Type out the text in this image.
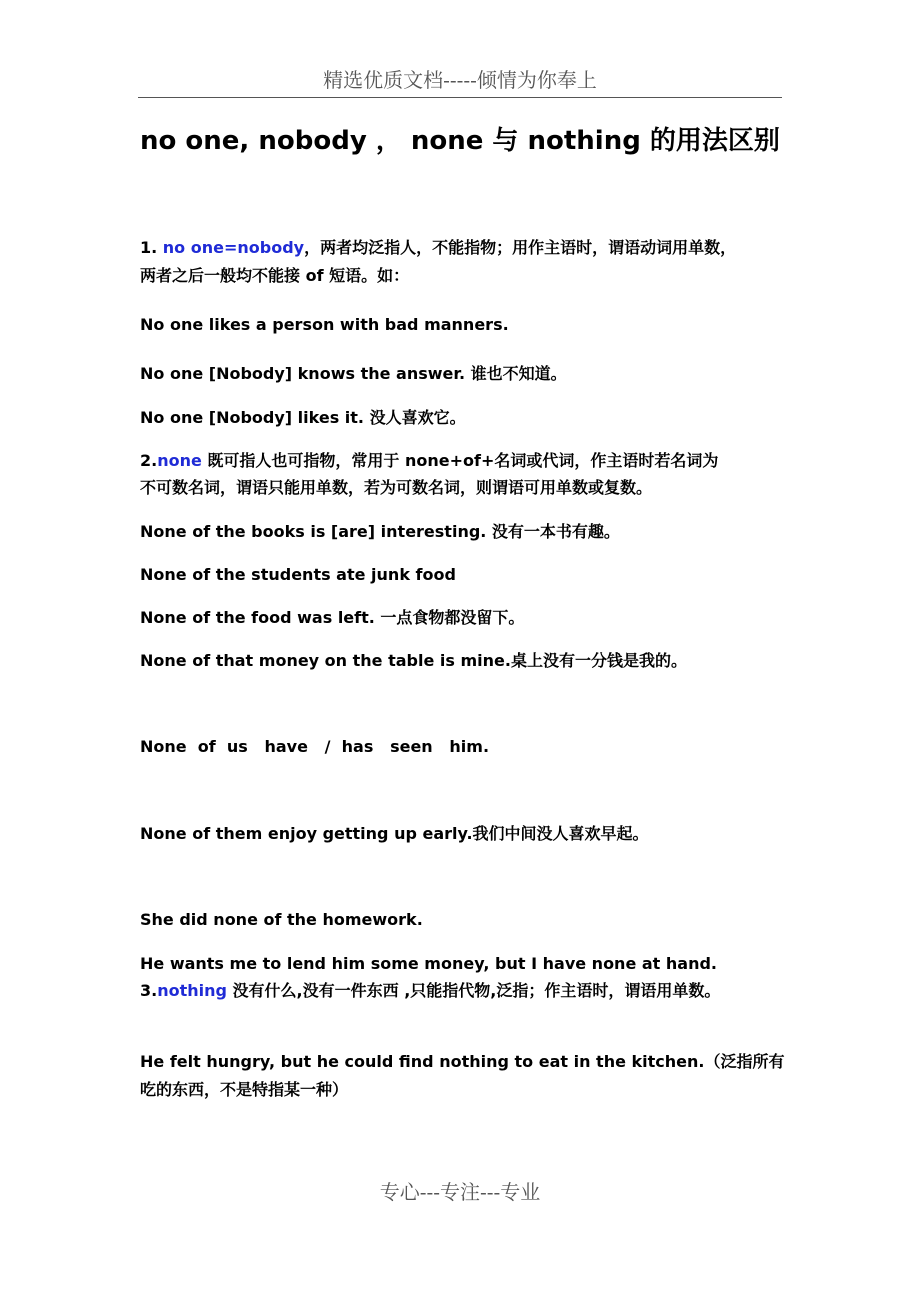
精选优质文档-----倾情为你奉上
no one, nobody ， none 与 nothing 的用法区别
1. no one=nobody，两者均泛指人，不能指物；用作主语时，谓语动词用单数，
两者之后一般均不能接 of 短语。如：
No one likes a person with bad manners.
No one [Nobody] knows the answer. 谁也不知道。
No one [Nobody] likes it. 没人喜欢它。
2.none 既可指人也可指物，常用于 none+of+名词或代词，作主语时若名词为
不可数名词，谓语只能用单数，若为可数名词，则谓语可用单数或复数。
None of the books is [are] interesting. 没有一本书有趣。
None of the students ate junk food
None of the food was left. 一点食物都没留下。
None of that money on the table is mine.桌上没有一分钱是我的。
None  of  us   have   /  has   seen   him.
None of them enjoy getting up early.我们中间没人喜欢早起。
She did none of the homework.
He wants me to lend him some money, but I have none at hand.
3.nothing 没有什么,没有一件东西 ,只能指代物,泛指；作主语时，谓语用单数。
He felt hungry, but he could find nothing to eat in the kitchen.（泛指所有
吃的东西，不是特指某一种）
专心---专注---专业
